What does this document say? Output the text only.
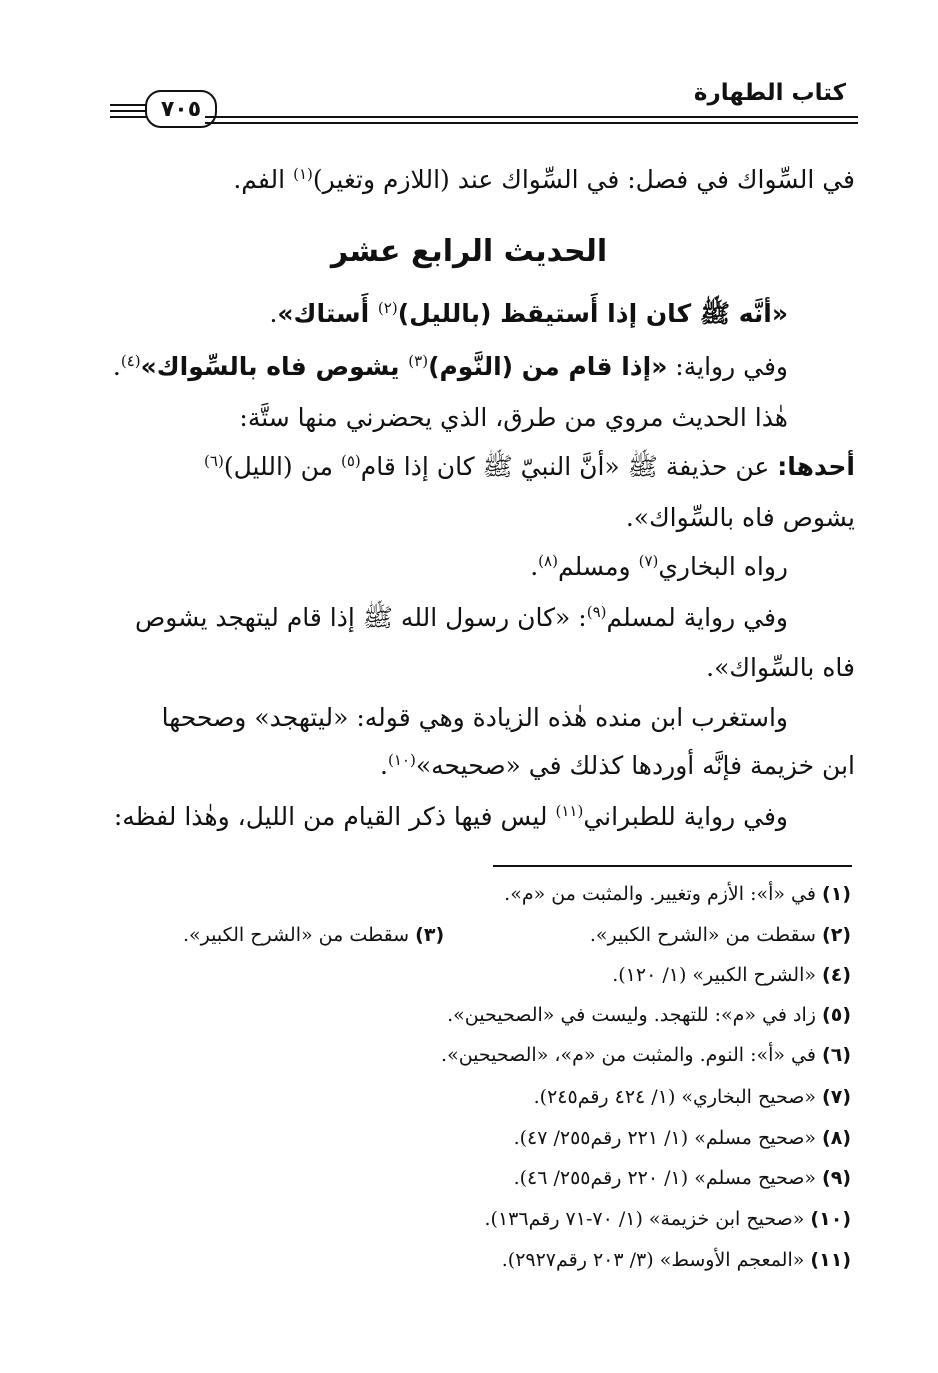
كتاب الطهارة
٧٠٥
في السِّواك في فصل: في السِّواك عند (اللازم وتغير)$^{(١)}$ الفم.
الحديث الرابع عشر
«أنَّه ﷺ كان إذا أَستيقظ (بالليل)$^{(٢)}$ أَستاك».
وفي رواية: «إذا قام من (النَّوم)$^{(٣)}$ يشوص فاه بالسِّواك»$^{(٤)}$.
هٰذا الحديث مروي من طرق، الذي يحضرني منها ستَّة:
أحدها: عن حذيفة ﷺ «أنَّ النبيّ ﷺ كان إذا قام$^{(٥)}$ من (الليل)$^{(٦)}$
يشوص فاه بالسِّواك».
رواه البخاري$^{(٧)}$ ومسلم$^{(٨)}$.
وفي رواية لمسلم$^{(٩)}$: «كان رسول الله ﷺ إذا قام ليتهجد يشوص
فاه بالسِّواك».
واستغرب ابن منده هٰذه الزيادة وهي قوله: «ليتهجد» وصححها
ابن خزيمة فإنَّه أوردها كذلك في «صحيحه»$^{(١٠)}$.
وفي رواية للطبراني$^{(١١)}$ ليس فيها ذكر القيام من الليل، وهٰذا لفظه:
(١) في «أ»: الأزم وتغيير. والمثبت من «م».
(٢) سقطت من «الشرح الكبير».
(٣) سقطت من «الشرح الكبير».
(٤) «الشرح الكبير» (١/ ١٢٠).
(٥) زاد في «م»: للتهجد. وليست في «الصحيحين».
(٦) في «أ»: النوم. والمثبت من «م»، «الصحيحين».
(٧) «صحيح البخاري» (١/ ٤٢٤ رقم٢٤٥).
(٨) «صحيح مسلم» (١/ ٢٢١ رقم٢٥٥/ ٤٧).
(٩) «صحيح مسلم» (١/ ٢٢٠ رقم٢٥٥/ ٤٦).
(١٠) «صحيح ابن خزيمة» (١/ ٧٠-٧١ رقم١٣٦).
(١١) «المعجم الأوسط» (٣/ ٢٠٣ رقم٢٩٢٧).
